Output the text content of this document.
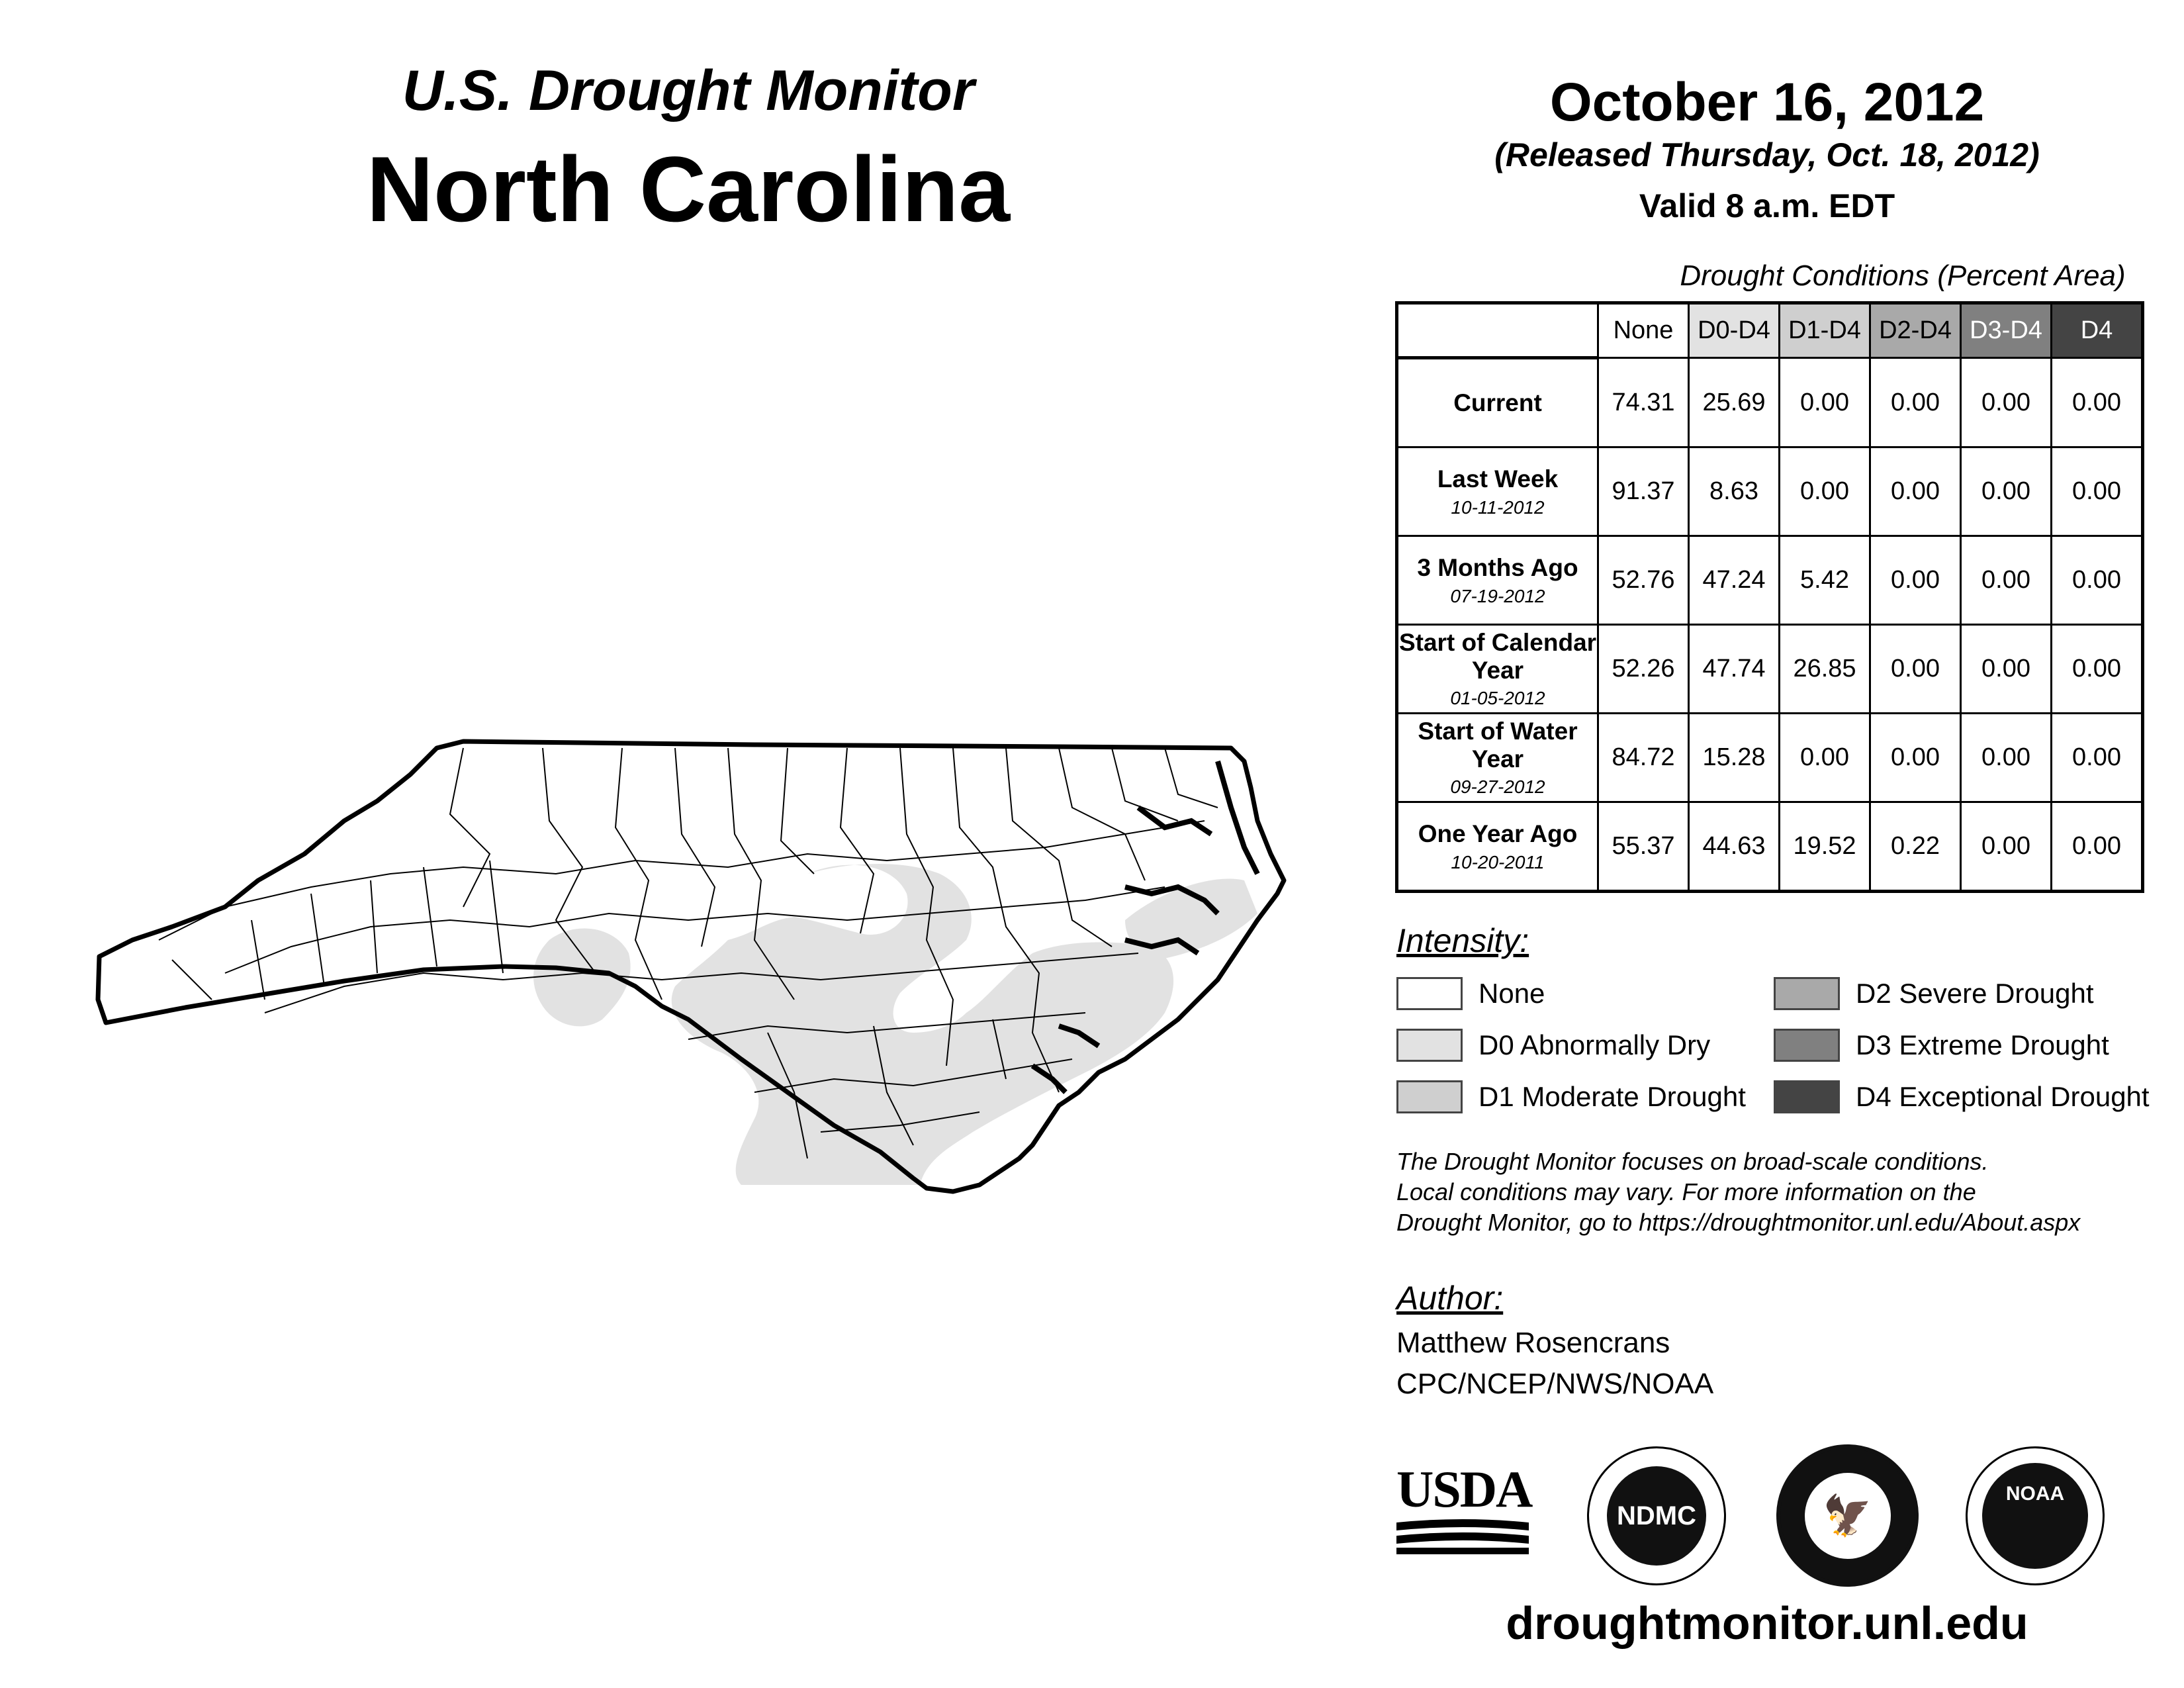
U.S. Drought Monitor
North Carolina
October 16, 2012
(Released Thursday, Oct. 18, 2012)
Valid 8 a.m. EDT
Drought Conditions (Percent Area)
	None	D0-D4	D1-D4	D2-D4	D3-D4	D4
Current	74.31	25.69	0.00	0.00	0.00	0.00
Last Week
10-11-2012	91.37	8.63	0.00	0.00	0.00	0.00
3 Months Ago
07-19-2012	52.76	47.24	5.42	0.00	0.00	0.00
Start of Calendar Year
01-05-2012	52.26	47.74	26.85	0.00	0.00	0.00
Start of Water Year
09-27-2012	84.72	15.28	0.00	0.00	0.00	0.00
One Year Ago
10-20-2011	55.37	44.63	19.52	0.22	0.00	0.00
Intensity:
None
D0 Abnormally Dry
D1 Moderate Drought
D2 Severe Drought
D3 Extreme Drought
D4 Exceptional Drought
The Drought Monitor focuses on broad-scale conditions.
Local conditions may vary. For more information on the
Drought Monitor, go to https://droughtmonitor.unl.edu/About.aspx
Author:
Matthew Rosencrans
CPC/NCEP/NWS/NOAA
USDA	NDMC	🦅	NOAA
droughtmonitor.unl.edu
